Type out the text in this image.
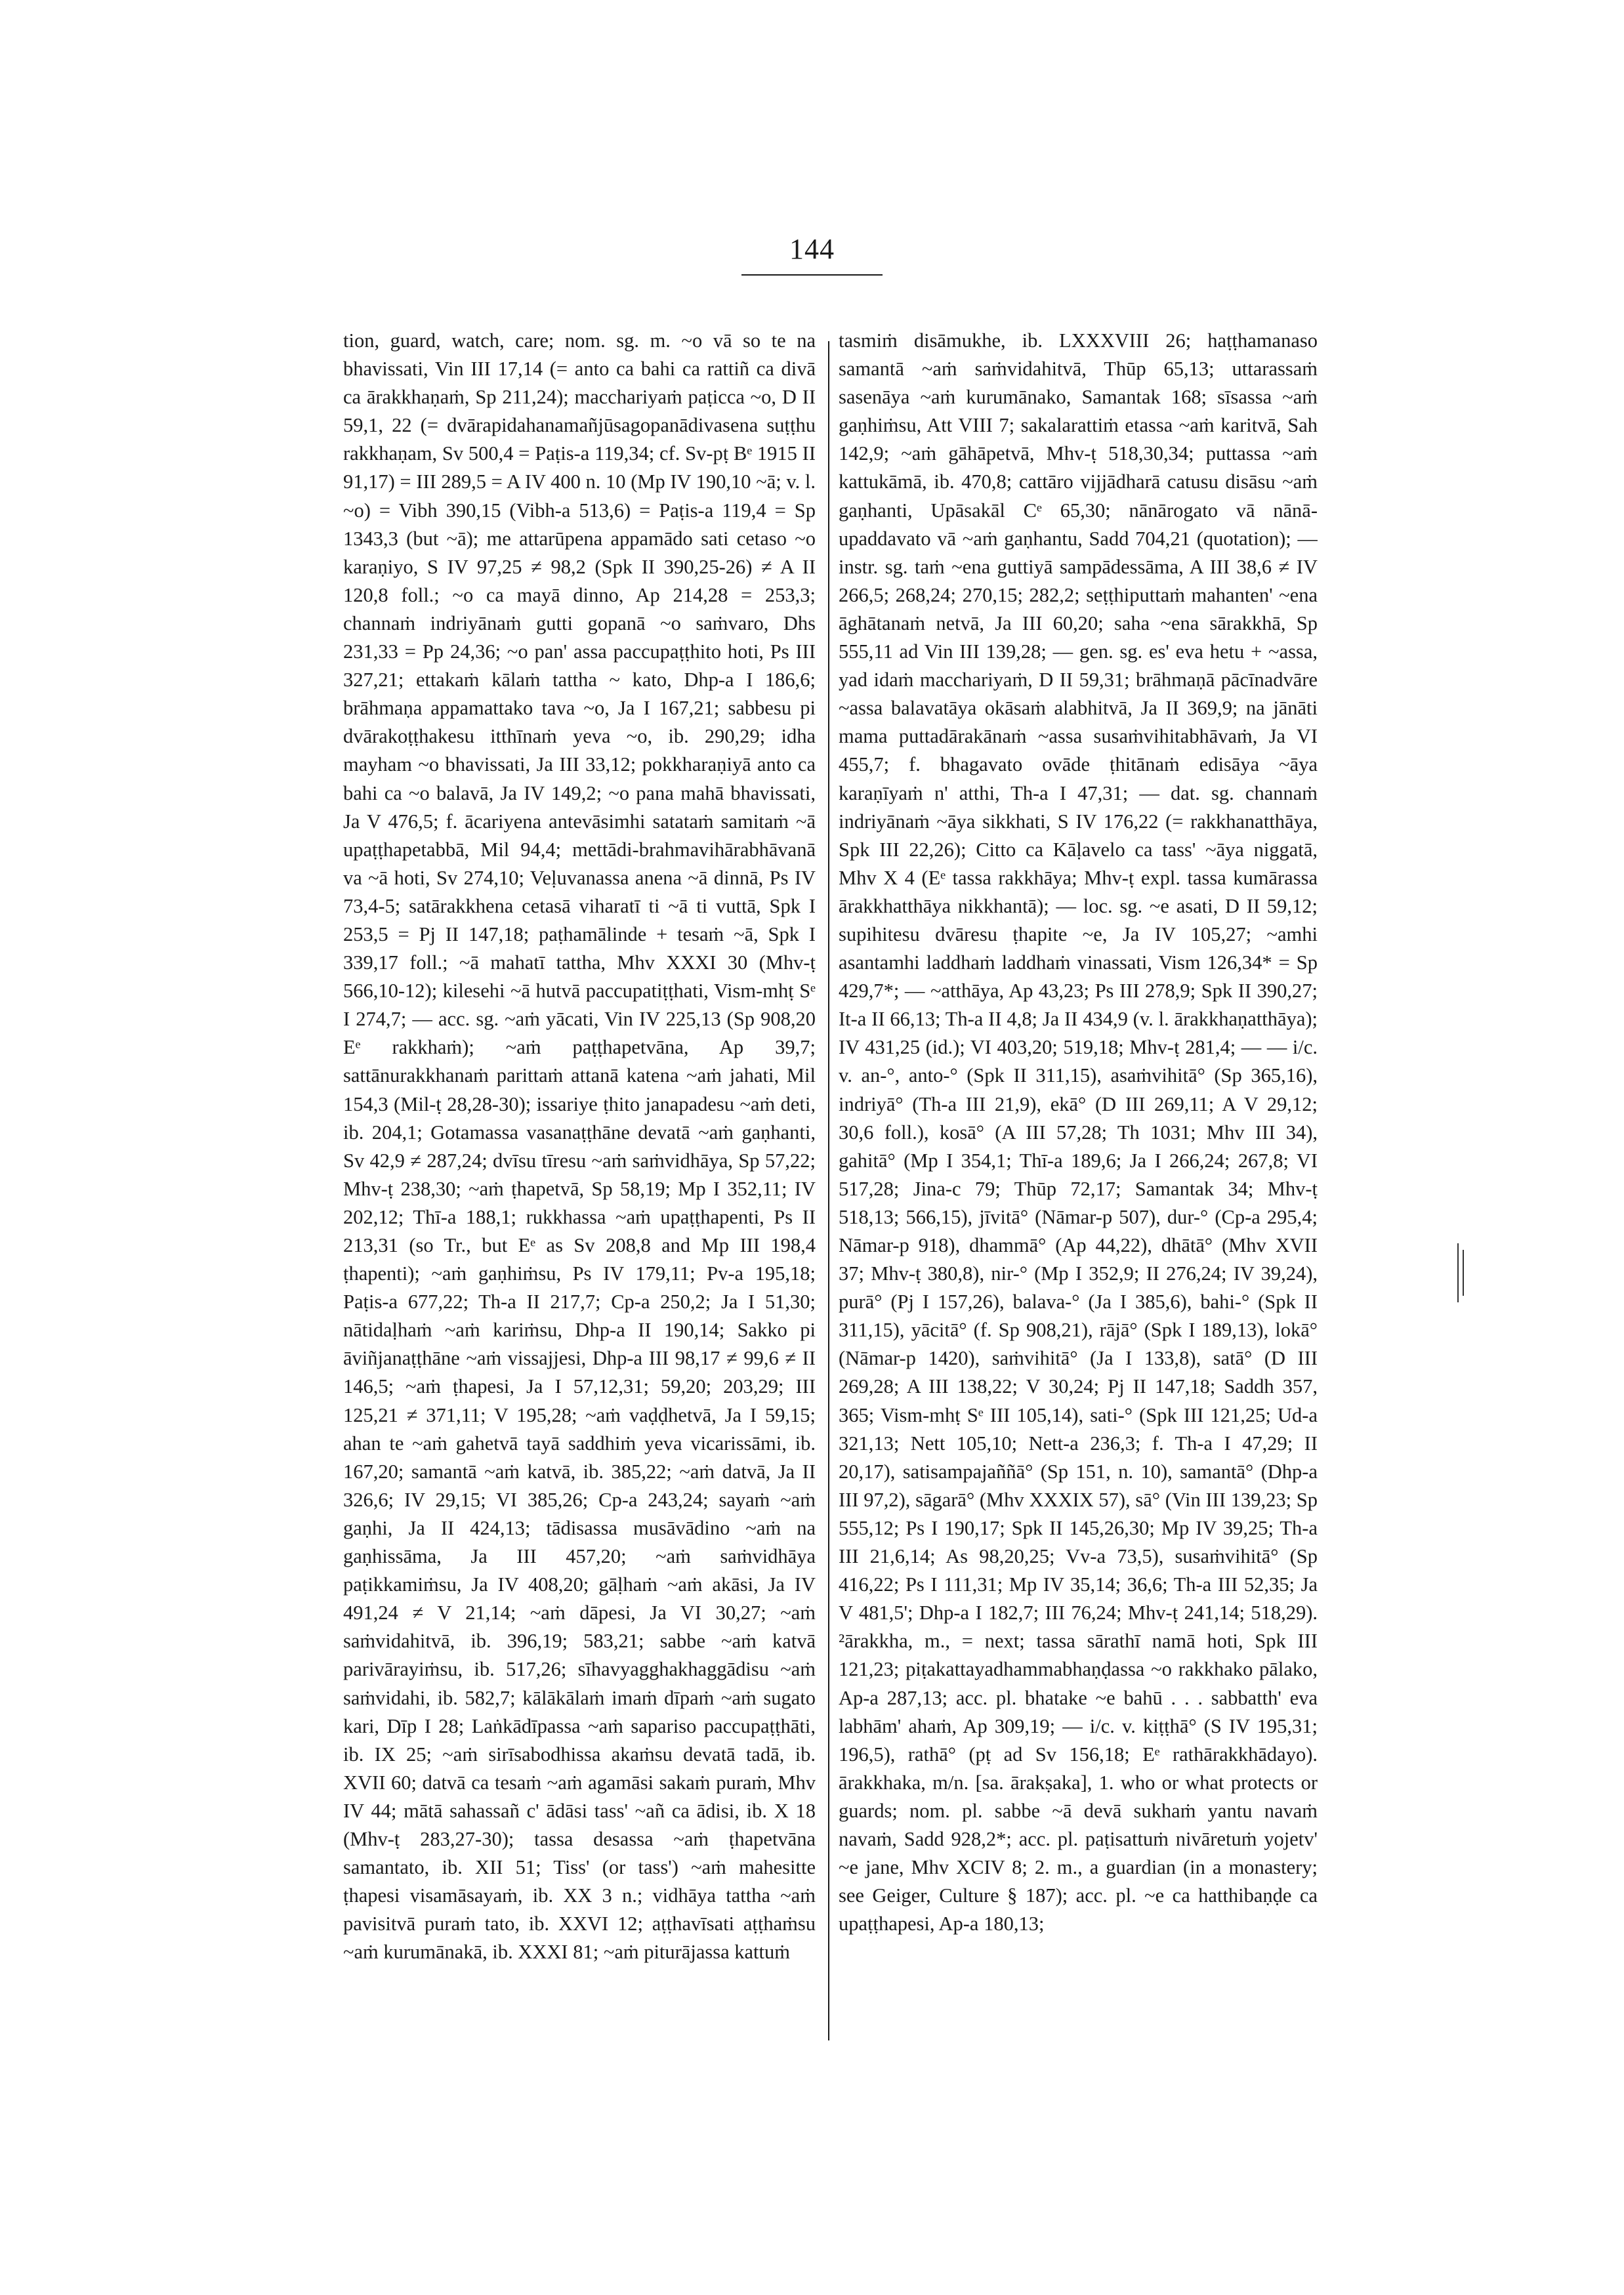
144
tion, guard, watch, care; nom. sg. m. ~o vā so te na bhavissati, Vin III 17,14 (= anto ca bahi ca rattiñ ca divā ca ārakkhaṇaṁ, Sp 211,24); macchariyaṁ paṭicca ~o, D II 59,1, 22 (= dvārapidahanamañjūsagopanādivasena suṭṭhu rakkhaṇam, Sv 500,4 = Paṭis-a 119,34; cf. Sv-pṭ Bᵉ 1915 II 91,17) = III 289,5 = A IV 400 n. 10 (Mp IV 190,10 ~ā; v. l. ~o) = Vibh 390,15 (Vibh-a 513,6) = Paṭis-a 119,4 = Sp 1343,3 (but ~ā); me attarūpena appamādo sati cetaso ~o karaṇiyo, S IV 97,25 ≠ 98,2 (Spk II 390,25-26) ≠ A II 120,8 foll.; ~o ca mayā dinno, Ap 214,28 = 253,3; channaṁ indriyānaṁ gutti gopanā ~o saṁvaro, Dhs 231,33 = Pp 24,36; ~o pan' assa paccupaṭṭhito hoti, Ps III 327,21; ettakaṁ kālaṁ tattha ~ kato, Dhp-a I 186,6; brāhmaṇa appamattako tava ~o, Ja I 167,21; sabbesu pi dvārakoṭṭhakesu itthīnaṁ yeva ~o, ib. 290,29; idha mayham ~o bhavissati, Ja III 33,12; pokkharaṇiyā anto ca bahi ca ~o balavā, Ja IV 149,2; ~o pana mahā bhavissati, Ja V 476,5; f. ācariyena antevāsimhi satataṁ samitaṁ ~ā upaṭṭhapetabbā, Mil 94,4; mettādi-brahmavihārabhāvanā va ~ā hoti, Sv 274,10; Veḷuvanassa anena ~ā dinnā, Ps IV 73,4-5; satārakkhena cetasā viharatī ti ~ā ti vuttā, Spk I 253,5 = Pj II 147,18; paṭhamālinde + tesaṁ ~ā, Spk I 339,17 foll.; ~ā mahatī tattha, Mhv XXXI 30 (Mhv-ṭ 566,10-12); kilesehi ~ā hutvā paccupatiṭṭhati, Vism-mhṭ Sᵉ I 274,7; — acc. sg. ~aṁ yācati, Vin IV 225,13 (Sp 908,20 Eᵉ rakkhaṁ); ~aṁ paṭṭhapetvāna, Ap 39,7; sattānurakkhanaṁ parittaṁ attanā katena ~aṁ jahati, Mil 154,3 (Mil-ṭ 28,28-30); issariye ṭhito janapadesu ~aṁ deti, ib. 204,1; Gotamassa vasanaṭṭhāne devatā ~aṁ gaṇhanti, Sv 42,9 ≠ 287,24; dvīsu tīresu ~aṁ saṁvidhāya, Sp 57,22; Mhv-ṭ 238,30; ~aṁ ṭhapetvā, Sp 58,19; Mp I 352,11; IV 202,12; Thī-a 188,1; rukkhassa ~aṁ upaṭṭhapenti, Ps II 213,31 (so Tr., but Eᵉ as Sv 208,8 and Mp III 198,4 ṭhapenti); ~aṁ gaṇhiṁsu, Ps IV 179,11; Pv-a 195,18; Paṭis-a 677,22; Th-a II 217,7; Cp-a 250,2; Ja I 51,30; nātidaḷhaṁ ~aṁ kariṁsu, Dhp-a II 190,14; Sakko pi āviñjanaṭṭhāne ~aṁ vissajjesi, Dhp-a III 98,17 ≠ 99,6 ≠ II 146,5; ~aṁ ṭhapesi, Ja I 57,12,31; 59,20; 203,29; III 125,21 ≠ 371,11; V 195,28; ~aṁ vaḍḍhetvā, Ja I 59,15; ahan te ~aṁ gahetvā tayā saddhiṁ yeva vicarissāmi, ib. 167,20; samantā ~aṁ katvā, ib. 385,22; ~aṁ datvā, Ja II 326,6; IV 29,15; VI 385,26; Cp-a 243,24; sayaṁ ~aṁ gaṇhi, Ja II 424,13; tādisassa musāvādino ~aṁ na gaṇhissāma, Ja III 457,20; ~aṁ saṁvidhāya paṭikkamiṁsu, Ja IV 408,20; gāḷhaṁ ~aṁ akāsi, Ja IV 491,24 ≠ V 21,14; ~aṁ dāpesi, Ja VI 30,27; ~aṁ saṁvidahitvā, ib. 396,19; 583,21; sabbe ~aṁ katvā parivārayiṁsu, ib. 517,26; sīhavyagghakhaggādisu ~aṁ saṁvidahi, ib. 582,7; kālākālaṁ imaṁ dīpaṁ ~aṁ sugato kari, Dīp I 28; Laṅkādīpassa ~aṁ sapariso paccupaṭṭhāti, ib. IX 25; ~aṁ sirīsabodhissa akaṁsu devatā tadā, ib. XVII 60; datvā ca tesaṁ ~aṁ agamāsi sakaṁ puraṁ, Mhv IV 44; mātā sahassañ c' ādāsi tass' ~añ ca ādisi, ib. X 18 (Mhv-ṭ 283,27-30); tassa desassa ~aṁ ṭhapetvāna samantato, ib. XII 51; Tiss' (or tass') ~aṁ mahesitte ṭhapesi visamāsayaṁ, ib. XX 3 n.; vidhāya tattha ~aṁ pavisitvā puraṁ tato, ib. XXVI 12; aṭṭhavīsati aṭṭhaṁsu ~aṁ kurumānakā, ib. XXXI 81; ~aṁ piturājassa kattuṁ
tasmiṁ disāmukhe, ib. LXXXVIII 26; haṭṭhamanaso samantā ~aṁ saṁvidahitvā, Thūp 65,13; uttarassaṁ sasenāya ~aṁ kurumānako, Samantak 168; sīsassa ~aṁ gaṇhiṁsu, Att VIII 7; sakalarattiṁ etassa ~aṁ karitvā, Sah 142,9; ~aṁ gāhāpetvā, Mhv-ṭ 518,30,34; puttassa ~aṁ kattukāmā, ib. 470,8; cattāro vijjādharā catusu disāsu ~aṁ gaṇhanti, Upāsakāl Cᵉ 65,30; nānārogato vā nānā-upaddavato vā ~aṁ gaṇhantu, Sadd 704,21 (quotation); — instr. sg. taṁ ~ena guttiyā sampādessāma, A III 38,6 ≠ IV 266,5; 268,24; 270,15; 282,2; seṭṭhiputtaṁ mahanten' ~ena āghātanaṁ netvā, Ja III 60,20; saha ~ena sārakkhā, Sp 555,11 ad Vin III 139,28; — gen. sg. es' eva hetu + ~assa, yad idaṁ macchariyaṁ, D II 59,31; brāhmaṇā pācīnadvāre ~assa balavatāya okāsaṁ alabhitvā, Ja II 369,9; na jānāti mama puttadārakānaṁ ~assa susaṁvihitabhāvaṁ, Ja VI 455,7; f. bhagavato ovāde ṭhitānaṁ edisāya ~āya karaṇīyaṁ n' atthi, Th-a I 47,31; — dat. sg. channaṁ indriyānaṁ ~āya sikkhati, S IV 176,22 (= rakkhanatthāya, Spk III 22,26); Citto ca Kāḷavelo ca tass' ~āya niggatā, Mhv X 4 (Eᵉ tassa rakkhāya; Mhv-ṭ expl. tassa kumārassa ārakkhatthāya nikkhantā); — loc. sg. ~e asati, D II 59,12; supihitesu dvāresu ṭhapite ~e, Ja IV 105,27; ~amhi asantamhi laddhaṁ laddhaṁ vinassati, Vism 126,34* = Sp 429,7*; — ~atthāya, Ap 43,23; Ps III 278,9; Spk II 390,27; It-a II 66,13; Th-a II 4,8; Ja II 434,9 (v. l. ārakkhaṇatthāya); IV 431,25 (id.); VI 403,20; 519,18; Mhv-ṭ 281,4; — — i/c. v. an-°, anto-° (Spk II 311,15), asaṁvihitā° (Sp 365,16), indriyā° (Th-a III 21,9), ekā° (D III 269,11; A V 29,12; 30,6 foll.), kosā° (A III 57,28; Th 1031; Mhv III 34), gahitā° (Mp I 354,1; Thī-a 189,6; Ja I 266,24; 267,8; VI 517,28; Jina-c 79; Thūp 72,17; Samantak 34; Mhv-ṭ 518,13; 566,15), jīvitā° (Nāmar-p 507), dur-° (Cp-a 295,4; Nāmar-p 918), dhammā° (Ap 44,22), dhātā° (Mhv XVII 37; Mhv-ṭ 380,8), nir-° (Mp I 352,9; II 276,24; IV 39,24), purā° (Pj I 157,26), balava-° (Ja I 385,6), bahi-° (Spk II 311,15), yācitā° (f. Sp 908,21), rājā° (Spk I 189,13), lokā° (Nāmar-p 1420), saṁvihitā° (Ja I 133,8), satā° (D III 269,28; A III 138,22; V 30,24; Pj II 147,18; Saddh 357, 365; Vism-mhṭ Sᵉ III 105,14), sati-° (Spk III 121,25; Ud-a 321,13; Nett 105,10; Nett-a 236,3; f. Th-a I 47,29; II 20,17), satisampajaññā° (Sp 151, n. 10), samantā° (Dhp-a III 97,2), sāgarā° (Mhv XXXIX 57), sā° (Vin III 139,23; Sp 555,12; Ps I 190,17; Spk II 145,26,30; Mp IV 39,25; Th-a III 21,6,14; As 98,20,25; Vv-a 73,5), susaṁvihitā° (Sp 416,22; Ps I 111,31; Mp IV 35,14; 36,6; Th-a III 52,35; Ja V 481,5'; Dhp-a I 182,7; III 76,24; Mhv-ṭ 241,14; 518,29). ²ārakkha, m., = next; tassa sārathī namā hoti, Spk III 121,23; piṭakattayadhammabhaṇḍassa ~o rakkhako pālako, Ap-a 287,13; acc. pl. bhatake ~e bahū . . . sabbatth' eva labhām' ahaṁ, Ap 309,19; — i/c. v. kiṭṭhā° (S IV 195,31; 196,5), rathā° (pṭ ad Sv 156,18; Eᵉ rathārakkhādayo). ārakkhaka, m/n. [sa. ārakṣaka], 1. who or what protects or guards; nom. pl. sabbe ~ā devā sukhaṁ yantu navaṁ navaṁ, Sadd 928,2*; acc. pl. paṭisattuṁ nivāretuṁ yojetv' ~e jane, Mhv XCIV 8; 2. m., a guardian (in a monastery; see Geiger, Culture § 187); acc. pl. ~e ca hatthibaṇḍe ca upaṭṭhapesi, Ap-a 180,13;
